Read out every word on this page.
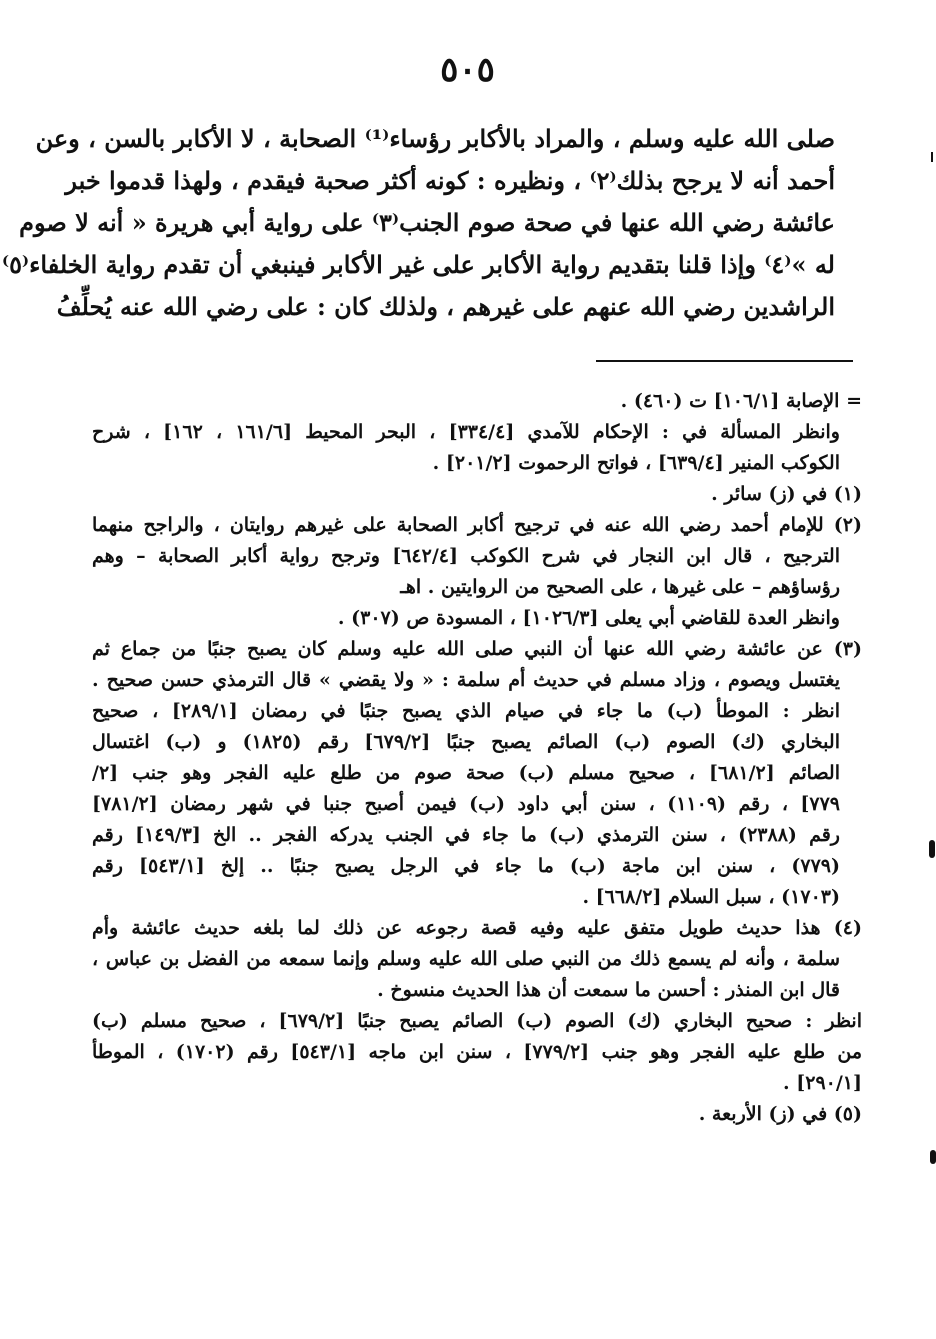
٥٠٥
صلى الله عليه وسلم ، والمراد بالأكابر رؤساء⁽¹⁾ الصحابة ، لا الأكابر بالسن ، وعن
أحمد أنه لا يرجح بذلك⁽٢⁾ ، ونظيره : كونه أكثر صحبة فيقدم ، ولهذا قدموا خبر
عائشة رضي الله عنها في صحة صوم الجنب⁽٣⁾ على رواية أبي هريرة « أنه لا صوم
له »⁽٤⁾ وإذا قلنا بتقديم رواية الأكابر على غير الأكابر فينبغي أن تقدم رواية الخلفاء⁽٥⁾
الراشدين رضي الله عنهم على غيرهم ، ولذلك كان : على رضي الله عنه يُحلِّفُ
= الإصابة [١٠٦/١] ت (٤٦٠) .
وانظر المسألة في : الإحكام للآمدي [٣٣٤/٤] ، البحر المحيط [١٦١/٦ ، ١٦٢] ، شرح
الكوكب المنير [٦٣٩/٤] ، فواتح الرحموت [٢٠١/٢] .
(١) في (ز) سائر .
(٢) للإمام أحمد رضي الله عنه في ترجيح أكابر الصحابة على غيرهم روايتان ، والراجح منهما
الترجيح ، قال ابن النجار في شرح الكوكب [٦٤٢/٤] وترجح رواية أكابر الصحابة – وهم
رؤساؤهم – على غيرها ، على الصحيح من الروايتين . اهـ
وانظر العدة للقاضي أبي يعلى [١٠٢٦/٣] ، المسودة ص (٣٠٧) .
(٣) عن عائشة رضي الله عنها أن النبي صلى الله عليه وسلم كان يصبح جنبًا من جماع ثم
يغتسل ويصوم ، وزاد مسلم في حديث أم سلمة : « ولا يقضي » قال الترمذي حسن صحيح .
انظر : الموطأ (ب) ما جاء في صيام الذي يصبح جنبًا في رمضان [٢٨٩/١] ، صحيح
البخاري (ك) الصوم (ب) الصائم يصبح جنبًا [٦٧٩/٢] رقم (١٨٢٥) و (ب) اغتسال
الصائم [٦٨١/٢] ، صحيح مسلم (ب) صحة صوم من طلع عليه الفجر وهو جنب [٢/
٧٧٩] ، رقم (١١٠٩) ، سنن أبي داود (ب) فيمن أصبح جنبا في شهر رمضان [٧٨١/٢]
رقم (٢٣٨٨) ، سنن الترمذي (ب) ما جاء في الجنب يدركه الفجر .. الخ [١٤٩/٣] رقم
(٧٧٩) ، سنن ابن ماجة (ب) ما جاء في الرجل يصبح جنبًا .. إلخ [٥٤٣/١] رقم
(١٧٠٣) ، سبل السلام [٦٦٨/٢] .
(٤) هذا حديث طويل متفق عليه وفيه قصة رجوعه عن ذلك لما بلغه حديث عائشة وأم
سلمة ، وأنه لم يسمع ذلك من النبي صلى الله عليه وسلم وإنما سمعه من الفضل بن عباس ،
قال ابن المنذر : أحسن ما سمعت أن هذا الحديث منسوخ .
انظر : صحيح البخاري (ك) الصوم (ب) الصائم يصبح جنبًا [٦٧٩/٢] ، صحيح مسلم (ب)
من طلع عليه الفجر وهو جنب [٧٧٩/٢] ، سنن ابن ماجه [٥٤٣/١] رقم (١٧٠٢) ، الموطأ
[٢٩٠/١] .
(٥) في (ز) الأربعة .
